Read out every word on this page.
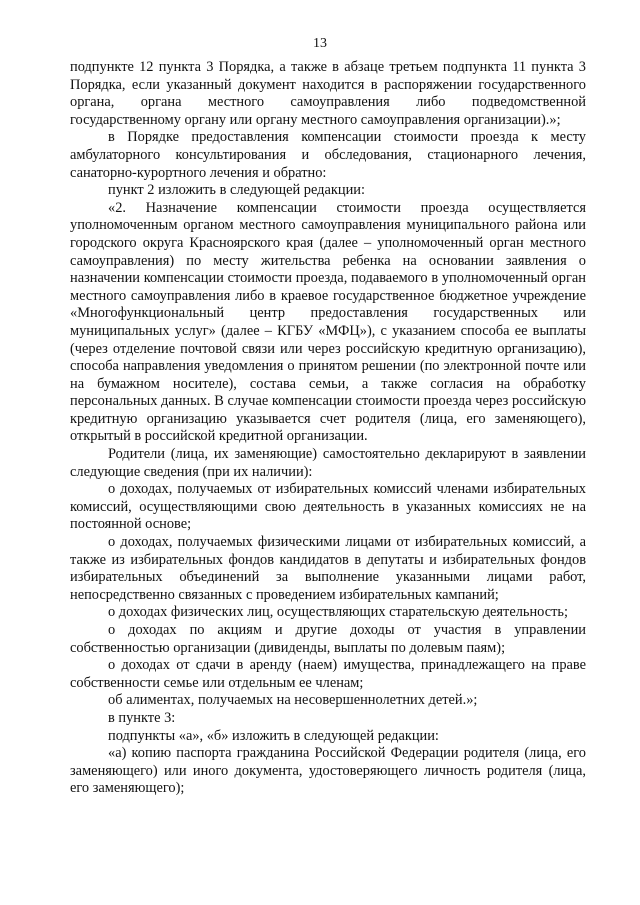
13

подпункте 12 пункта 3 Порядка, а также в абзаце третьем подпункта 11 пункта 3 Порядка, если указанный документ находится в распоряжении государственного органа, органа местного самоуправления либо подведомственной государственному органу или органу местного самоуправления организации).»;

в Порядке предоставления компенсации стоимости проезда к месту амбулаторного консультирования и обследования, стационарного лечения, санаторно-курортного лечения и обратно:

пункт 2 изложить в следующей редакции:

«2. Назначение компенсации стоимости проезда осуществляется уполномоченным органом местного самоуправления муниципального района или городского округа Красноярского края (далее – уполномоченный орган местного самоуправления) по месту жительства ребенка на основании заявления о назначении компенсации стоимости проезда, подаваемого в уполномоченный орган местного самоуправления либо в краевое государственное бюджетное учреждение «Многофункциональный центр предоставления государственных или муниципальных услуг» (далее – КГБУ «МФЦ»), с указанием способа ее выплаты (через отделение почтовой связи или через российскую кредитную организацию), способа направления уведомления о принятом решении (по электронной почте или на бумажном носителе), состава семьи, а также согласия на обработку персональных данных. В случае компенсации стоимости проезда через российскую кредитную организацию указывается счет родителя (лица, его заменяющего), открытый в российской кредитной организации.

Родители (лица, их заменяющие) самостоятельно декларируют в заявлении следующие сведения (при их наличии):

о доходах, получаемых от избирательных комиссий членами избирательных комиссий, осуществляющими свою деятельность в указанных комиссиях не на постоянной основе;

о доходах, получаемых физическими лицами от избирательных комиссий, а также из избирательных фондов кандидатов в депутаты и избирательных фондов избирательных объединений за выполнение указанными лицами работ, непосредственно связанных с проведением избирательных кампаний;

о доходах физических лиц, осуществляющих старательскую деятельность;

о доходах по акциям и другие доходы от участия в управлении собственностью организации (дивиденды, выплаты по долевым паям);

о доходах от сдачи в аренду (наем) имущества, принадлежащего на праве собственности семье или отдельным ее членам;

об алиментах, получаемых на несовершеннолетних детей.»;

в пункте 3:

подпункты «а», «б» изложить в следующей редакции:

«а) копию паспорта гражданина Российской Федерации родителя (лица, его заменяющего) или иного документа, удостоверяющего личность родителя (лица, его заменяющего);
